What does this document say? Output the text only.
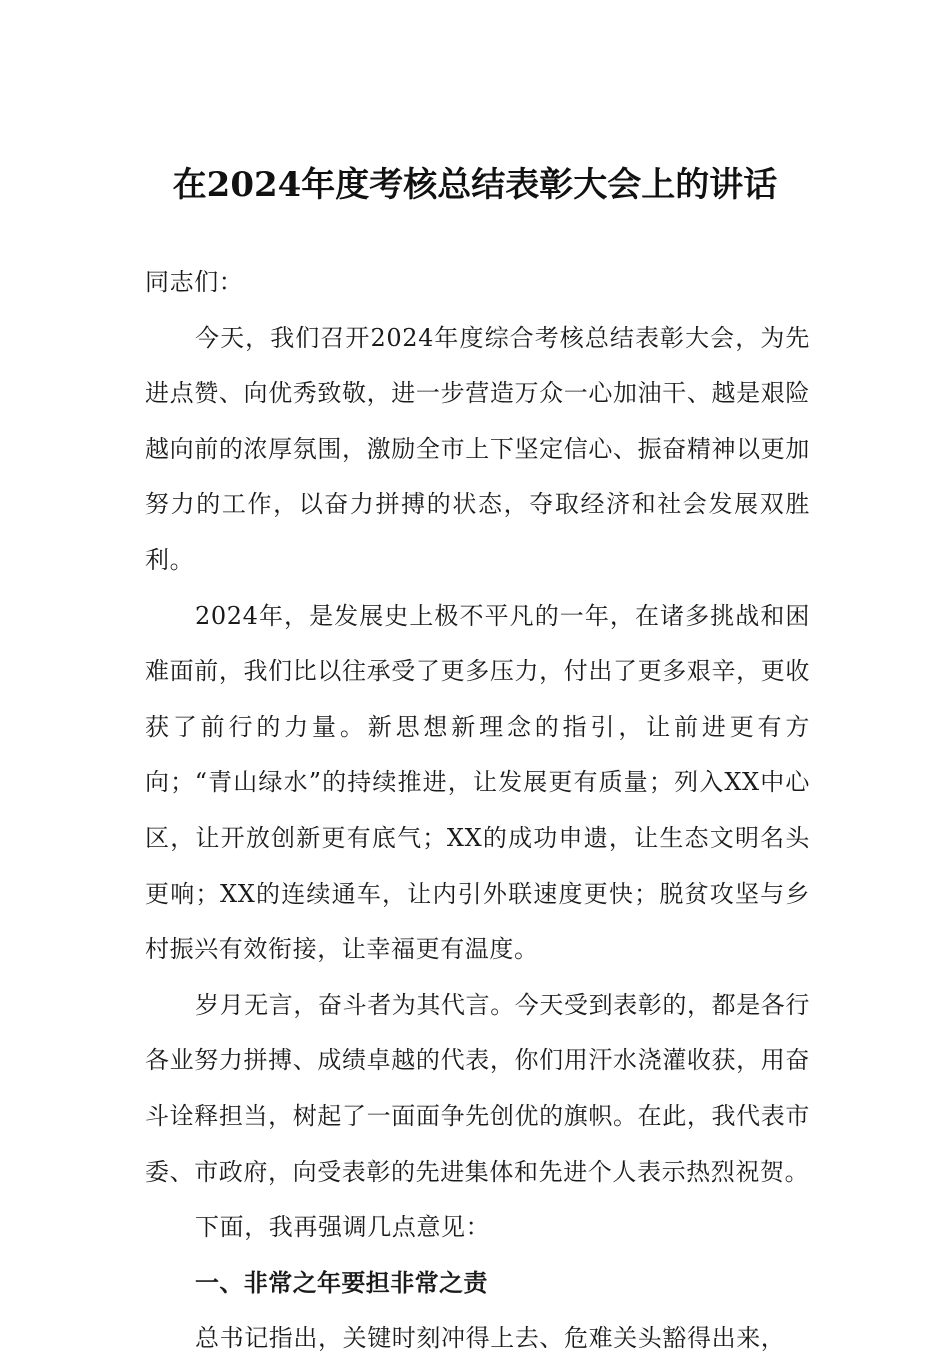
在2024年度考核总结表彰大会上的讲话

同志们：

今天，我们召开2024年度综合考核总结表彰大会，为先进点赞、向优秀致敬，进一步营造万众一心加油干、越是艰险越向前的浓厚氛围，激励全市上下坚定信心、振奋精神以更加努力的工作，以奋力拼搏的状态，夺取经济和社会发展双胜利。

2024年，是发展史上极不平凡的一年，在诸多挑战和困难面前，我们比以往承受了更多压力，付出了更多艰辛，更收获了前行的力量。新思想新理念的指引，让前进更有方向；“青山绿水”的持续推进，让发展更有质量；列入XX中心区，让开放创新更有底气；XX的成功申遗，让生态文明名头更响；XX的连续通车，让内引外联速度更快；脱贫攻坚与乡村振兴有效衔接，让幸福更有温度。

岁月无言，奋斗者为其代言。今天受到表彰的，都是各行各业努力拼搏、成绩卓越的代表，你们用汗水浇灌收获，用奋斗诠释担当，树起了一面面争先创优的旗帜。在此，我代表市委、市政府，向受表彰的先进集体和先进个人表示热烈祝贺。

下面，我再强调几点意见：

一、非常之年要担非常之责

总书记指出，关键时刻冲得上去、危难关头豁得出来，
